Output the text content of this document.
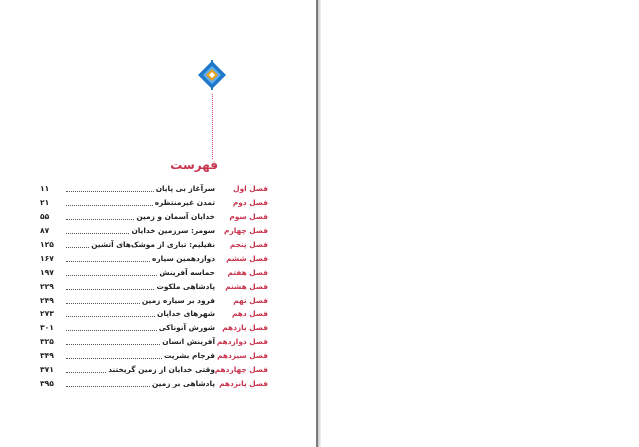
فهرست
فصل اول
سرآغاز بی پایان
۱۱
فصل دوم
تمدن غیرمنتظره
۲۱
فصل سوم
خدایان آسمان و زمین
۵۵
فصل چهارم
سومر: سرزمین خدایان
۸۷
فصل پنجم
نفیلیم: تباری از موشک‌های آتشین
۱۲۵
فصل ششم
دوازدهمین سیاره
۱۶۷
فصل هفتم
حماسه آفرینش
۱۹۷
فصل هشتم
پادشاهی ملکوت
۲۲۹
فصل نهم
فرود بر سیاره زمین
۲۴۹
فصل دهم
شهرهای خدایان
۲۷۳
فصل یازدهم
شورش آنوناکی
۳۰۱
فصل دوازدهم
آفرینش انسان
۳۲۵
فصل سیزدهم
فرجام بشریت
۳۴۹
فصل چهاردهم
وقتی خدایان از زمین گریختند
۳۷۱
فصل پانزدهم
پادشاهی بر زمین
۳۹۵
